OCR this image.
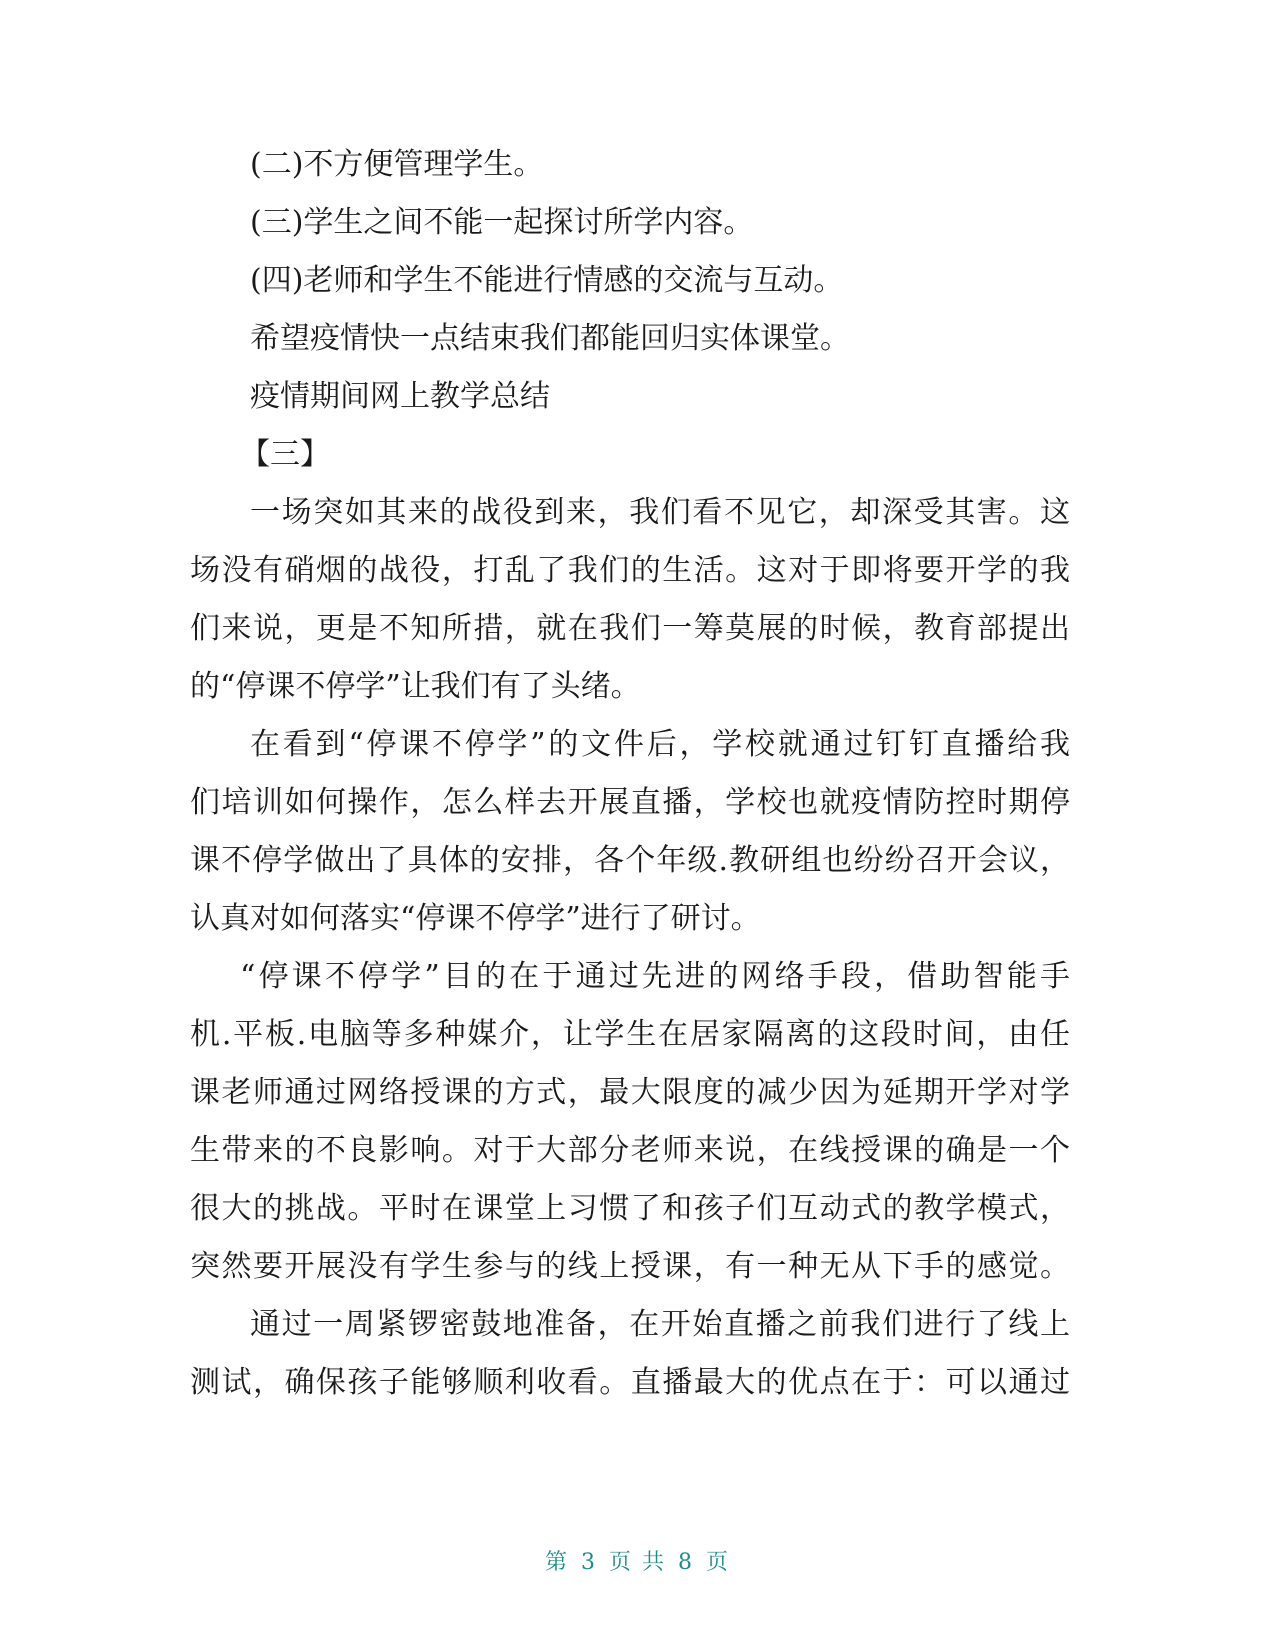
(二)不方便管理学生。
(三)学生之间不能一起探讨所学内容。
(四)老师和学生不能进行情感的交流与互动。
希望疫情快一点结束我们都能回归实体课堂。
疫情期间网上教学总结
【三】
一场突如其来的战役到来，我们看不见它，却深受其害。这
场没有硝烟的战役，打乱了我们的生活。这对于即将要开学的我
们来说，更是不知所措，就在我们一筹莫展的时候，教育部提出
的“停课不停学”让我们有了头绪。
在看到“停课不停学”的文件后，学校就通过钉钉直播给我
们培训如何操作，怎么样去开展直播，学校也就疫情防控时期停
课不停学做出了具体的安排，各个年级.教研组也纷纷召开会议，
认真对如何落实“停课不停学”进行了研讨。
“停课不停学”目的在于通过先进的网络手段，借助智能手
机.平板.电脑等多种媒介，让学生在居家隔离的这段时间，由任
课老师通过网络授课的方式，最大限度的减少因为延期开学对学
生带来的不良影响。对于大部分老师来说，在线授课的确是一个
很大的挑战。平时在课堂上习惯了和孩子们互动式的教学模式，
突然要开展没有学生参与的线上授课，有一种无从下手的感觉。
通过一周紧锣密鼓地准备，在开始直播之前我们进行了线上
测试，确保孩子能够顺利收看。直播最大的优点在于：可以通过
第 3 页 共 8 页
